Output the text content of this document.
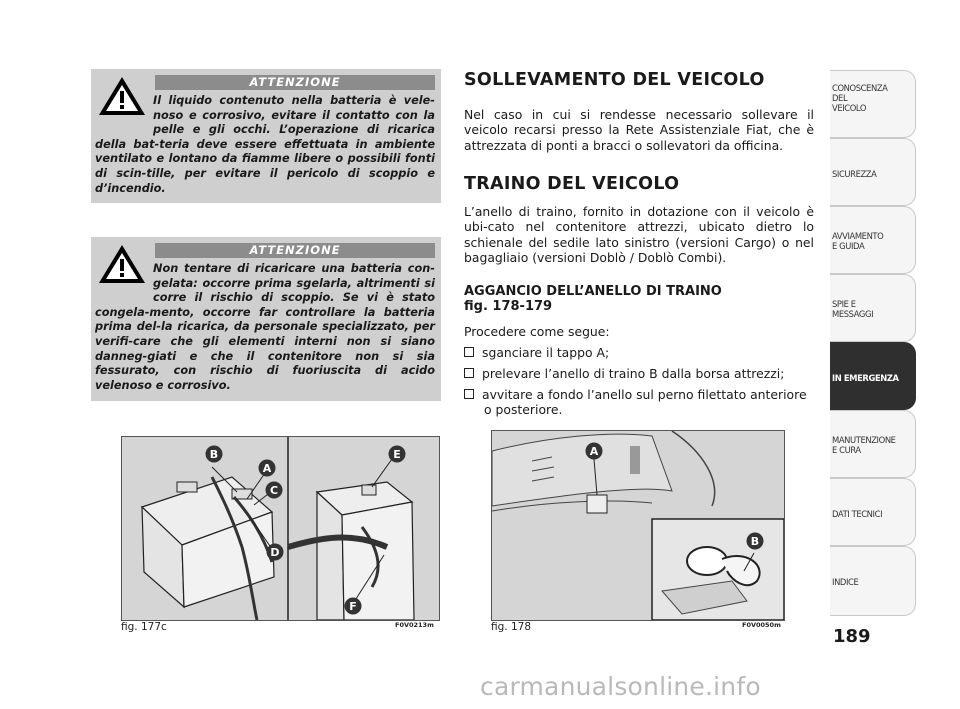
ATTENZIONE
Il liquido contenuto nella batteria è vele-noso e corrosivo, evitare il contatto con la pelle e gli occhi. L’operazione di ricarica della bat-teria deve essere effettuata in ambiente ventilato e lontano da fiamme libere o possibili fonti di scin-tille, per evitare il pericolo di scoppio e d’incendio.
ATTENZIONE
Non tentare di ricaricare una batteria con-gelata: occorre prima sgelarla, altrimenti si corre il rischio di scoppio. Se vi è stato congela-mento, occorre far controllare la batteria prima del-la ricarica, da personale specializzato, per verifi-care che gli elementi interni non si siano danneg-giati e che il contenitore non si sia fessurato, con rischio di fuoriuscita di acido velenoso e corrosivo.
B
A
C
D
E
F
fig. 177c	F0V0213m
A
B
fig. 178	F0V0050m
SOLLEVAMENTO DEL VEICOLO
Nel caso in cui si rendesse necessario sollevare il veicolo recarsi presso la Rete Assistenziale Fiat, che è attrezzata di ponti a bracci o sollevatori da officina.
TRAINO DEL VEICOLO
L’anello di traino, fornito in dotazione con il veicolo è ubi-cato nel contenitore attrezzi, ubicato dietro lo schienale del sedile lato sinistro (versioni Cargo) o nel bagagliaio (versioni Doblò / Doblò Combi).
AGGANCIO DELL’ANELLO DI TRAINO
fig. 178-179
Procedere come segue:
sganciare il tappo A;
prelevare l’anello di traino B dalla borsa attrezzi;
avvitare a fondo l’anello sul perno filettato anteriore
o posteriore.
CONOSCENZA
DEL
VEICOLO
SICUREZZA
AVVIAMENTO
E GUIDA
SPIE E
MESSAGGI
IN EMERGENZA
MANUTENZIONE
E CURA
DATI TECNICI
INDICE
189
carmanualsonline.info
